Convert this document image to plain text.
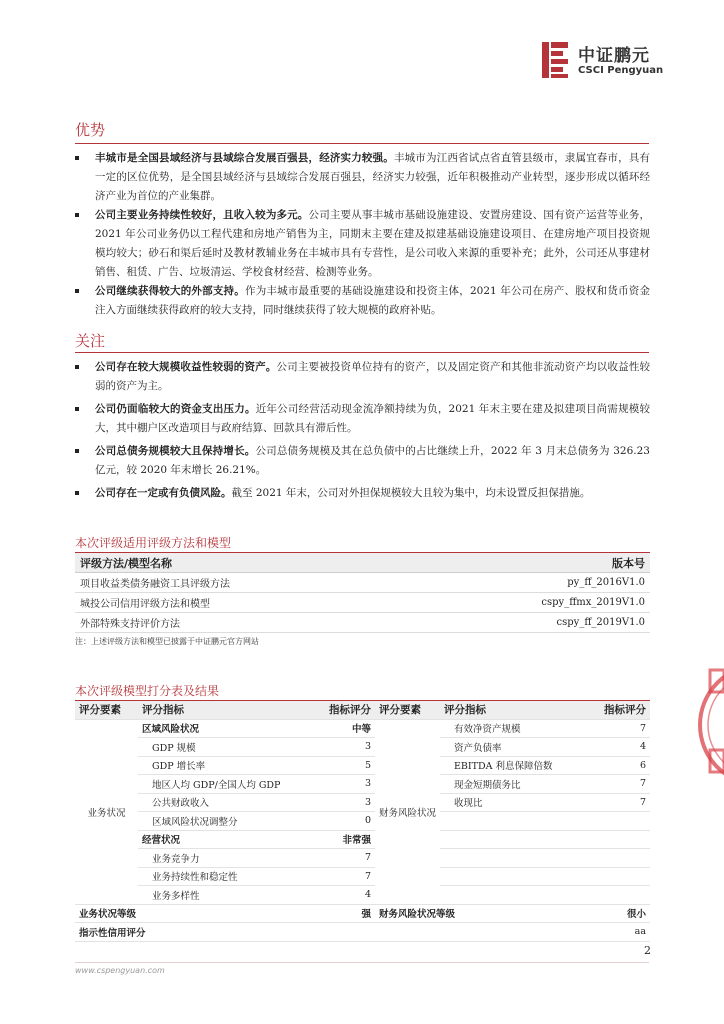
中证鹏元
CSCI Pengyuan
优势
丰城市是全国县域经济与县域综合发展百强县，经济实力较强。丰城市为江西省试点省直管县级市，隶属宜春市，具有一定的区位优势，是全国县域经济与县域综合发展百强县，经济实力较强，近年积极推动产业转型，逐步形成以循环经济产业为首位的产业集群。
公司主要业务持续性较好，且收入较为多元。公司主要从事丰城市基础设施建设、安置房建设、国有资产运营等业务，2021 年公司业务仍以工程代建和房地产销售为主，同期末主要在建及拟建基础设施建设项目、在建房地产项目投资规模均较大；砂石和渠后延时及教材教辅业务在丰城市具有专营性，是公司收入来源的重要补充；此外，公司还从事建材销售、租赁、广告、垃圾清运、学校食材经营、检测等业务。
公司继续获得较大的外部支持。作为丰城市最重要的基础设施建设和投资主体，2021 年公司在房产、股权和货币资金注入方面继续获得政府的较大支持，同时继续获得了较大规模的政府补贴。
关注
公司存在较大规模收益性较弱的资产。公司主要被投资单位持有的资产，以及固定资产和其他非流动资产均以收益性较弱的资产为主。
公司仍面临较大的资金支出压力。近年公司经营活动现金流净额持续为负，2021 年末主要在建及拟建项目尚需规模较大，其中棚户区改造项目与政府结算、回款具有滞后性。
公司总债务规模较大且保持增长。公司总债务规模及其在总负债中的占比继续上升，2022 年 3 月末总债务为 326.23 亿元，较 2020 年末增长 26.21%。
公司存在一定或有负债风险。截至 2021 年末，公司对外担保规模较大且较为集中，均未设置反担保措施。
本次评级适用评级方法和模型
评级方法/模型名称	版本号
项目收益类债务融资工具评级方法	py_ff_2016V1.0
城投公司信用评级方法和模型	cspy_ffmx_2019V1.0
外部特殊支持评价方法	cspy_ff_2019V1.0
注：上述评级方法和模型已披露于中证鹏元官方网站
本次评级模型打分表及结果
评分要素	评分指标	指标评分	评分要素	评分指标	指标评分
业务状况	区域风险状况	中等	财务风险状况	有效净资产规模	7
	GDP 规模	3		资产负债率	4
	GDP 增长率	5		EBITDA 利息保障倍数	6
	地区人均 GDP/全国人均 GDP	3		现金短期债务比	7
	公共财政收入	3		收现比	7
	区域风险状况调整分	0			
	经营状况	非常强			
	业务竞争力	7			
	业务持续性和稳定性	7			
	业务多样性	4			
业务状况等级		强	财务风险状况等级		很小
指示性信用评分					aa
2
www.cspengyuan.com
